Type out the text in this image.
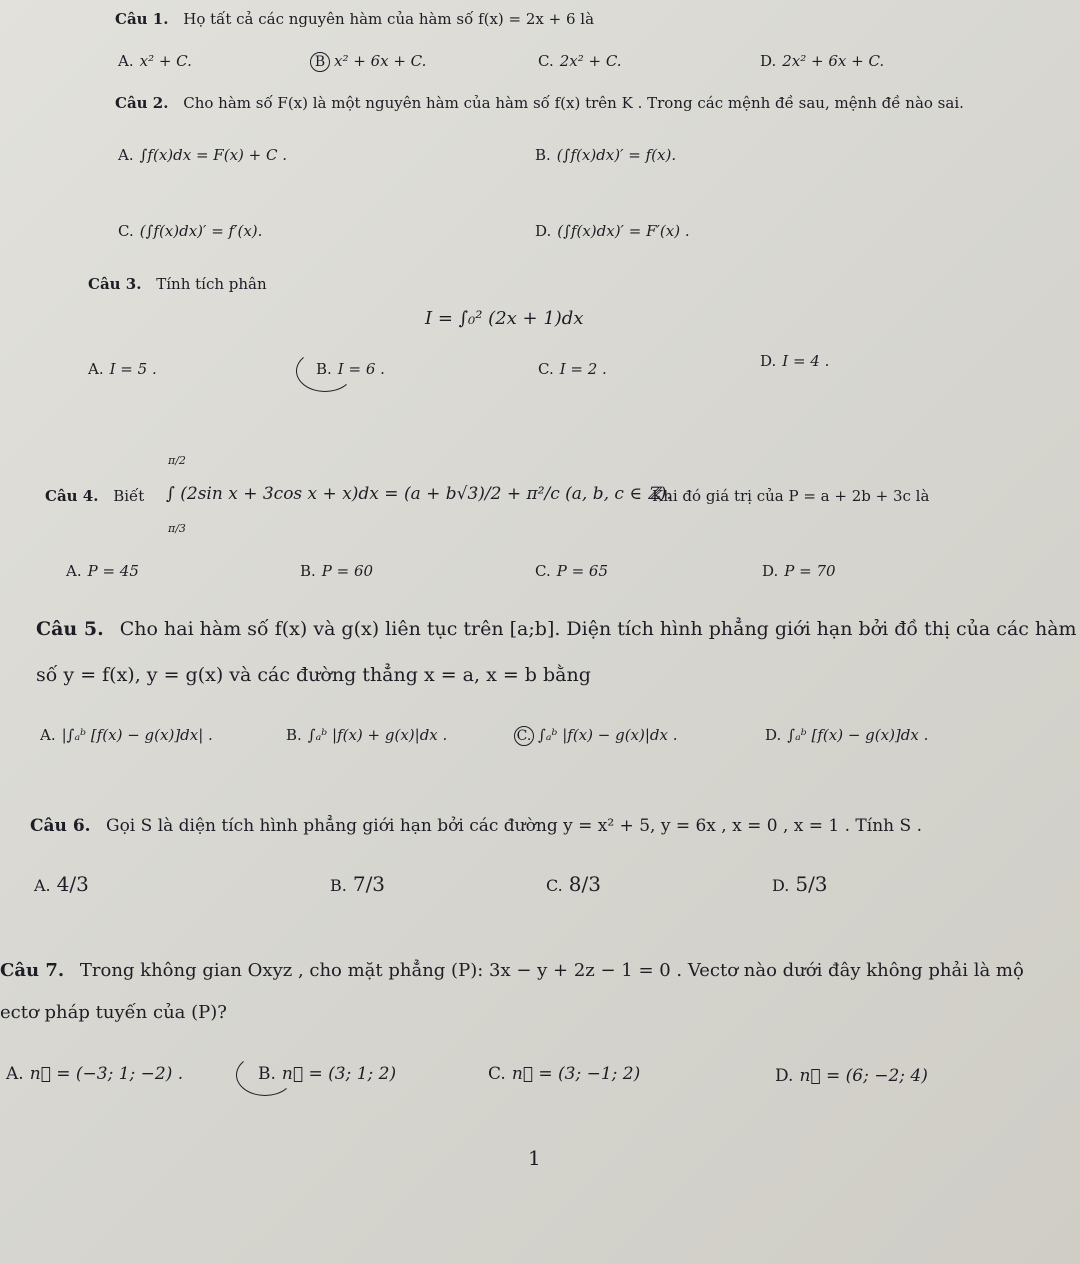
Câu 1. Họ tất cả các nguyên hàm của hàm số f(x) = 2x + 6 là
A. x² + C.	B x² + 6x + C.	C. 2x² + C.	D. 2x² + 6x + C.
Câu 2. Cho hàm số F(x) là một nguyên hàm của hàm số f(x) trên K . Trong các mệnh đề sau, mệnh đề nào sai.
A. ∫f(x)dx = F(x) + C .	B. (∫f(x)dx)′ = f(x).
C. (∫f(x)dx)′ = f′(x).	D. (∫f(x)dx)′ = F′(x) .
Câu 3. Tính tích phân
I = ∫₀² (2x + 1)dx
A. I = 5 .	B. I = 6 .	C. I = 2 .	D. I = 4 .
Câu 4. Biết
π/2
π/3
∫ (2sin x + 3cos x + x)dx = (a + b√3)/2 + π²/c (a, b, c ∈ ℤ).
Khi đó giá trị của P = a + 2b + 3c là
A. P = 45	B. P = 60	C. P = 65	D. P = 70
Câu 5. Cho hai hàm số f(x) và g(x) liên tục trên [a;b]. Diện tích hình phẳng giới hạn bởi đồ thị của các hàm
số y = f(x), y = g(x) và các đường thẳng x = a, x = b bằng
A. |∫ₐᵇ [f(x) − g(x)]dx| .	B. ∫ₐᵇ |f(x) + g(x)|dx .	C. ∫ₐᵇ |f(x) − g(x)|dx .	D. ∫ₐᵇ [f(x) − g(x)]dx .
Câu 6. Gọi S là diện tích hình phẳng giới hạn bởi các đường y = x² + 5, y = 6x , x = 0 , x = 1 . Tính S .
A. 4/3	B. 7/3	C. 8/3	D. 5/3
Câu 7. Trong không gian Oxyz , cho mặt phẳng (P): 3x − y + 2z − 1 = 0 . Vectơ nào dưới đây không phải là mộ
ectơ pháp tuyến của (P)?
A. n⃗ = (−3; 1; −2) .	B. n⃗ = (3; 1; 2)	C. n⃗ = (3; −1; 2)	D. n⃗ = (6; −2; 4)
1
